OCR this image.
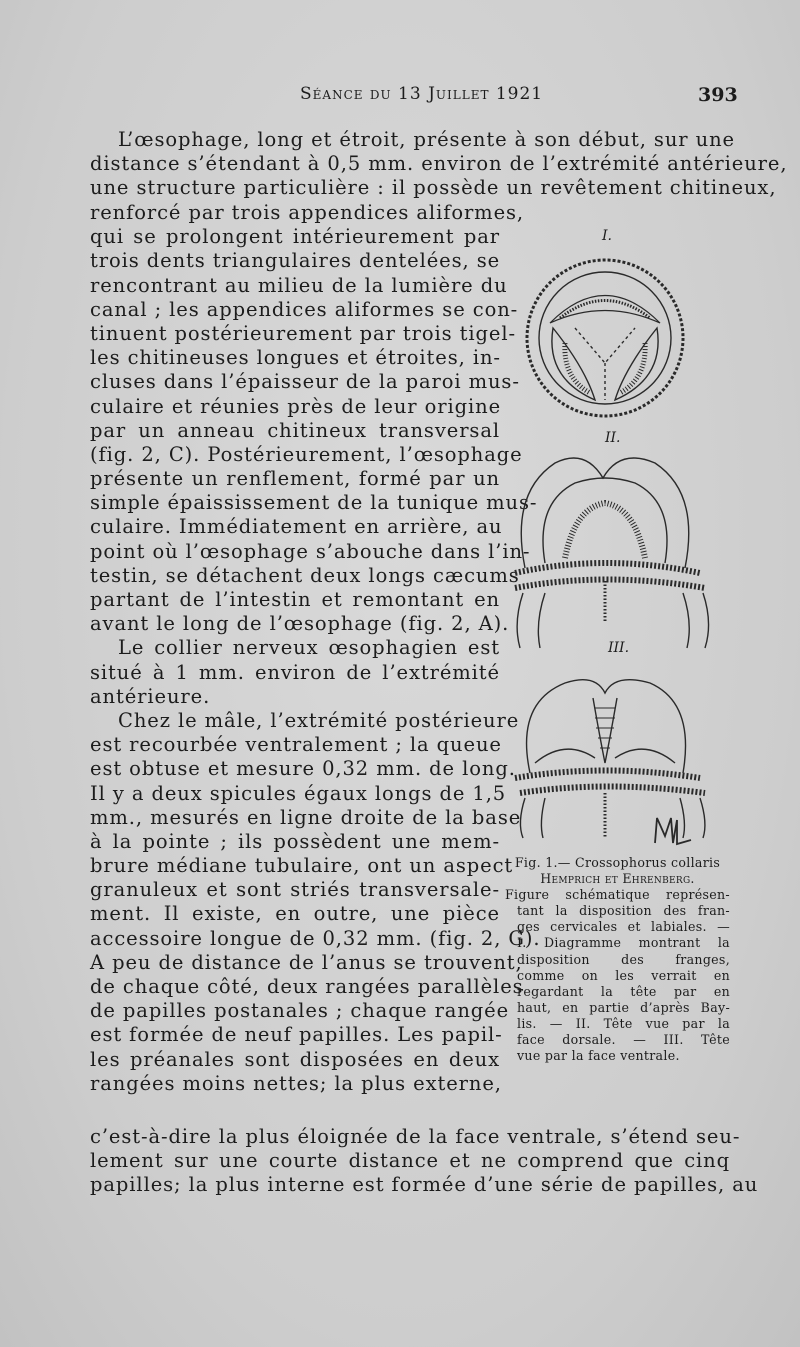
Séance du 13 Juillet 1921	393
L’œsophage, long et étroit, présente à son début, sur une
distance s’étendant à 0,5 mm. environ de l’extrémité antérieure,
une structure particulière : il possède un revêtement chitineux,
renforcé par trois appendices aliformes,
qui se prolongent intérieurement par
trois dents triangulaires dentelées, se
rencontrant au milieu de la lumière du
canal ; les appendices aliformes se con-
tinuent postérieurement par trois tigel-
les chitineuses longues et étroites, in-
cluses dans l’épaisseur de la paroi mus-
culaire et réunies près de leur origine
par un anneau chitineux transversal
(fig. 2, C). Postérieurement, l’œsophage
présente un renflement, formé par un
simple épaississement de la tunique mus-
culaire. Immédiatement en arrière, au
point où l’œsophage s’abouche dans l’in-
testin, se détachent deux longs cæcums
partant de l’intestin et remontant en
avant le long de l’œsophage (fig. 2, A).
Le collier nerveux œsophagien est
situé à 1 mm. environ de l’extrémité
antérieure.
Chez le mâle, l’extrémité postérieure
est recourbée ventralement ; la queue
est obtuse et mesure 0,32 mm. de long.
Il y a deux spicules égaux longs de 1,5
mm., mesurés en ligne droite de la base
à la pointe ; ils possèdent une mem-
brure médiane tubulaire, ont un aspect
granuleux et sont striés transversale-
ment. Il existe, en outre, une pièce
accessoire longue de 0,32 mm. (fig. 2, G).
A peu de distance de l’anus se trouvent,
de chaque côté, deux rangées parallèles
de papilles postanales ; chaque rangée
est formée de neuf papilles. Les papil-
les préanales sont disposées en deux
rangées moins nettes; la plus externe,
c’est-à-dire la plus éloignée de la face ventrale, s’étend seu-
lement sur une courte distance et ne comprend que cinq
papilles; la plus interne est formée d’une série de papilles, au
I.
II.
III.
Fig. 1.— Crossophorus collaris
Hemprich et Ehrenberg.
Figure schématique représen-
tant la disposition des fran-
ges cervicales et labiales. —
I. Diagramme montrant la
disposition des franges,
comme on les verrait en
regardant la tête par en
haut, en partie d’après Bay-
lis. — II. Tête vue par la
face dorsale. — III. Tête
vue par la face ventrale.
